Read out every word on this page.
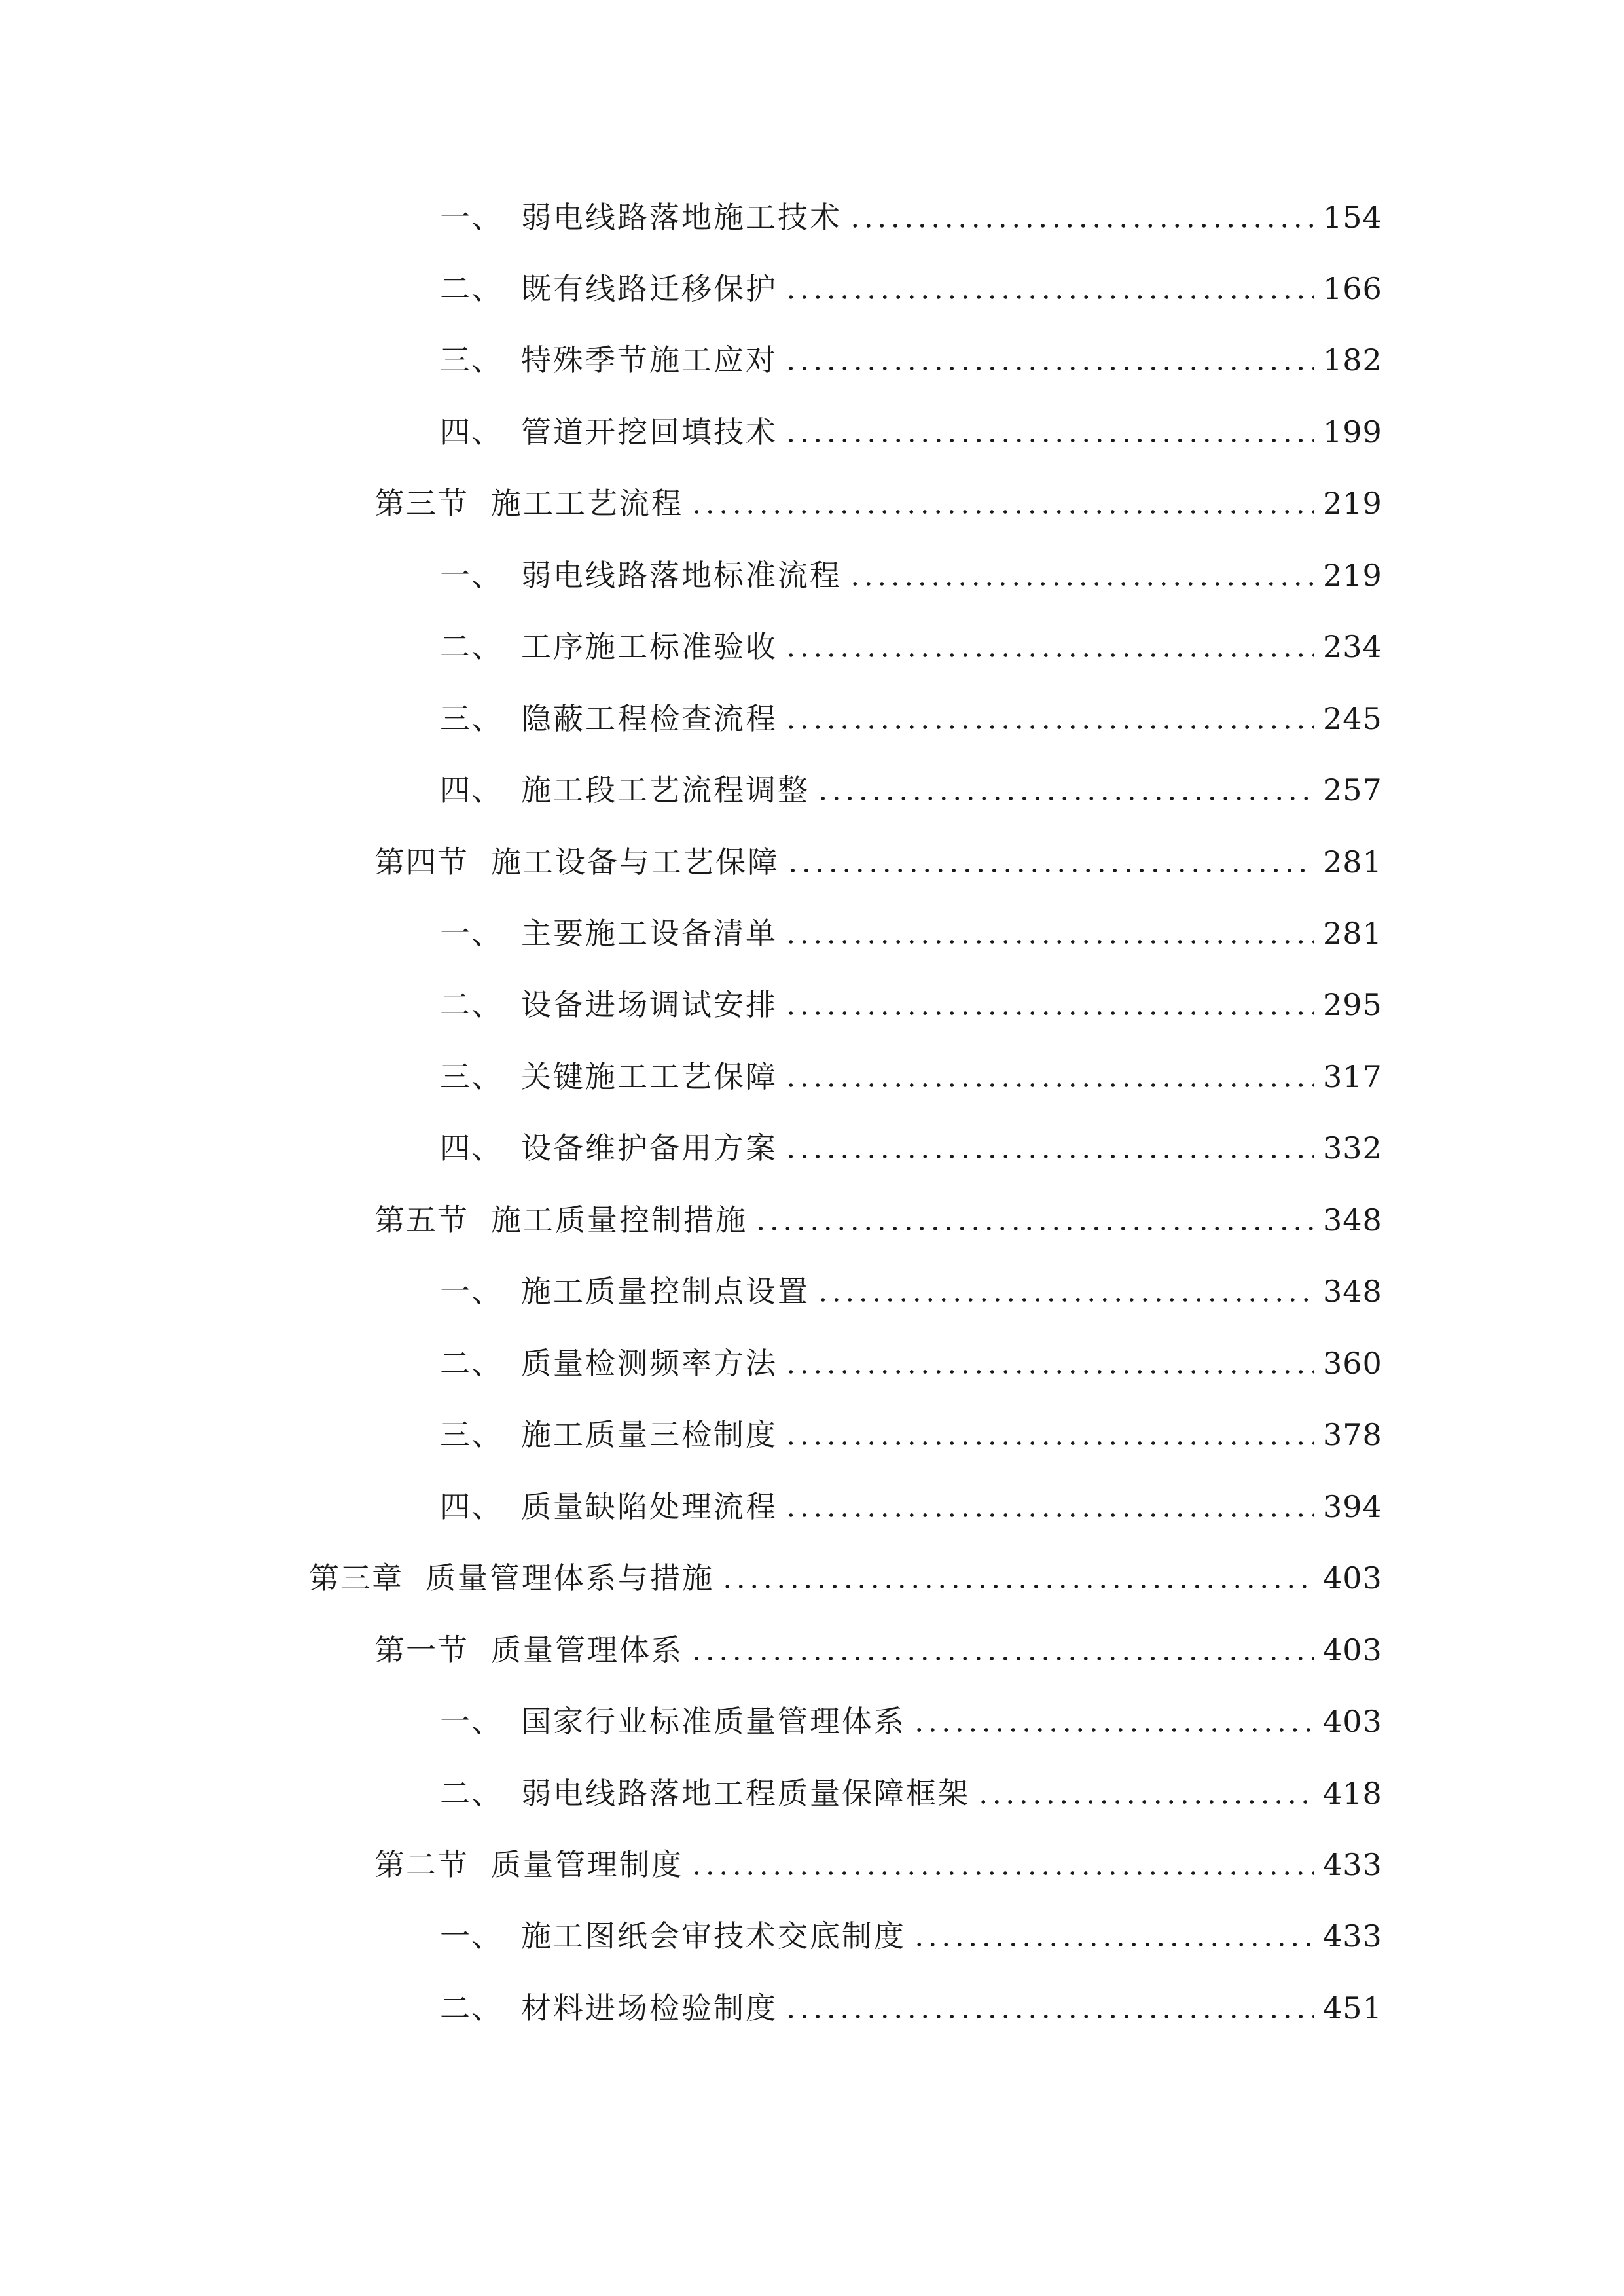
一、 弱电线路落地施工技术	154
二、 既有线路迁移保护	166
三、 特殊季节施工应对	182
四、 管道开挖回填技术	199
第三节 施工工艺流程	219
一、 弱电线路落地标准流程	219
二、 工序施工标准验收	234
三、 隐蔽工程检查流程	245
四、 施工段工艺流程调整	257
第四节 施工设备与工艺保障	281
一、 主要施工设备清单	281
二、 设备进场调试安排	295
三、 关键施工工艺保障	317
四、 设备维护备用方案	332
第五节 施工质量控制措施	348
一、 施工质量控制点设置	348
二、 质量检测频率方法	360
三、 施工质量三检制度	378
四、 质量缺陷处理流程	394
第三章 质量管理体系与措施	403
第一节 质量管理体系	403
一、 国家行业标准质量管理体系	403
二、 弱电线路落地工程质量保障框架	418
第二节 质量管理制度	433
一、 施工图纸会审技术交底制度	433
二、 材料进场检验制度	451
